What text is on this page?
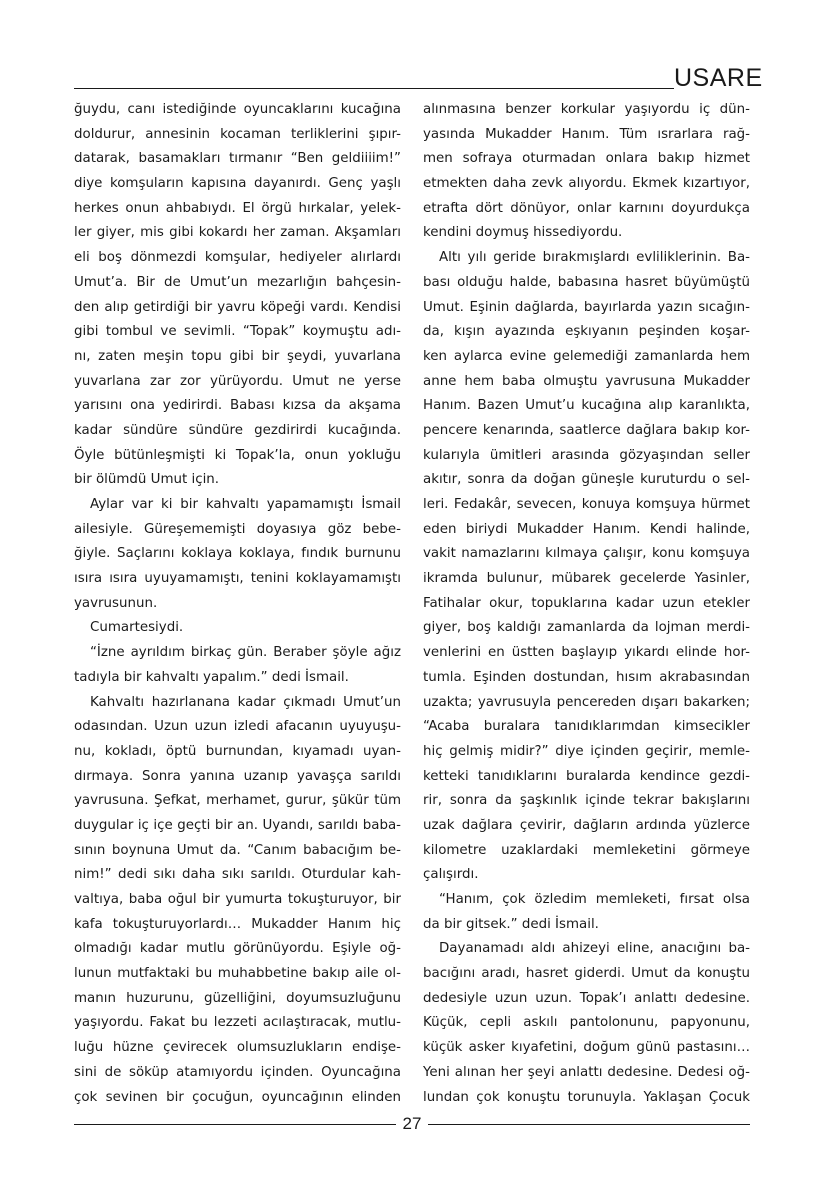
USARE
ğuydu, canı istediğinde oyuncaklarını kucağına
doldurur, annesinin kocaman terliklerini şıpır-
datarak, basamakları tırmanır “Ben geldiiiim!”
diye komşuların kapısına dayanırdı. Genç yaşlı
herkes onun ahbabıydı. El örgü hırkalar, yelek-
ler giyer, mis gibi kokardı her zaman. Akşamları
eli boş dönmezdi komşular, hediyeler alırlardı
Umut’a. Bir de Umut’un mezarlığın bahçesin-
den alıp getirdiği bir yavru köpeği vardı. Kendisi
gibi tombul ve sevimli. “Topak” koymuştu adı-
nı, zaten meşin topu gibi bir şeydi, yuvarlana
yuvarlana zar zor yürüyordu. Umut ne yerse
yarısını ona yedirirdi. Babası kızsa da akşama
kadar sündüre sündüre gezdirirdi kucağında.
Öyle bütünleşmişti ki Topak’la, onun yokluğu
bir ölümdü Umut için.
Aylar var ki bir kahvaltı yapamamıştı İsmail
ailesiyle. Güreşememişti doyasıya göz bebe-
ğiyle. Saçlarını koklaya koklaya, fındık burnunu
ısıra ısıra uyuyamamıştı, tenini koklayamamıştı
yavrusunun.
Cumartesiydi.
“İzne ayrıldım birkaç gün. Beraber şöyle ağız
tadıyla bir kahvaltı yapalım.” dedi İsmail.
Kahvaltı hazırlanana kadar çıkmadı Umut’un
odasından. Uzun uzun izledi afacanın uyuyuşu-
nu, kokladı, öptü burnundan, kıyamadı uyan-
dırmaya. Sonra yanına uzanıp yavaşça sarıldı
yavrusuna. Şefkat, merhamet, gurur, şükür tüm
duygular iç içe geçti bir an. Uyandı, sarıldı baba-
sının boynuna Umut da. “Canım babacığım be-
nim!” dedi sıkı daha sıkı sarıldı. Oturdular kah-
valtıya, baba oğul bir yumurta tokuşturuyor, bir
kafa tokuşturuyorlardı… Mukadder Hanım hiç
olmadığı kadar mutlu görünüyordu. Eşiyle oğ-
lunun mutfaktaki bu muhabbetine bakıp aile ol-
manın huzurunu, güzelliğini, doyumsuzluğunu
yaşıyordu. Fakat bu lezzeti acılaştıracak, mutlu-
luğu hüzne çevirecek olumsuzlukların endişe-
sini de söküp atamıyordu içinden. Oyuncağına
çok sevinen bir çocuğun, oyuncağının elinden
alınmasına benzer korkular yaşıyordu iç dün-
yasında Mukadder Hanım. Tüm ısrarlara rağ-
men sofraya oturmadan onlara bakıp hizmet
etmekten daha zevk alıyordu. Ekmek kızartıyor,
etrafta dört dönüyor, onlar karnını doyurdukça
kendini doymuş hissediyordu.
Altı yılı geride bırakmışlardı evliliklerinin. Ba-
bası olduğu halde, babasına hasret büyümüştü
Umut. Eşinin dağlarda, bayırlarda yazın sıcağın-
da, kışın ayazında eşkıyanın peşinden koşar-
ken aylarca evine gelemediği zamanlarda hem
anne hem baba olmuştu yavrusuna Mukadder
Hanım. Bazen Umut’u kucağına alıp karanlıkta,
pencere kenarında, saatlerce dağlara bakıp kor-
kularıyla ümitleri arasında gözyaşından seller
akıtır, sonra da doğan güneşle kuruturdu o sel-
leri. Fedakâr, sevecen, konuya komşuya hürmet
eden biriydi Mukadder Hanım. Kendi halinde,
vakit namazlarını kılmaya çalışır, konu komşuya
ikramda bulunur, mübarek gecelerde Yasinler,
Fatihalar okur, topuklarına kadar uzun etekler
giyer, boş kaldığı zamanlarda da lojman merdi-
venlerini en üstten başlayıp yıkardı elinde hor-
tumla. Eşinden dostundan, hısım akrabasından
uzakta; yavrusuyla pencereden dışarı bakarken;
“Acaba buralara tanıdıklarımdan kimsecikler
hiç gelmiş midir?” diye içinden geçirir, memle-
ketteki tanıdıklarını buralarda kendince gezdi-
rir, sonra da şaşkınlık içinde tekrar bakışlarını
uzak dağlara çevirir, dağların ardında yüzlerce
kilometre uzaklardaki memleketini görmeye
çalışırdı.
“Hanım, çok özledim memleketi, fırsat olsa
da bir gitsek.” dedi İsmail.
Dayanamadı aldı ahizeyi eline, anacığını ba-
bacığını aradı, hasret giderdi. Umut da konuştu
dedesiyle uzun uzun. Topak’ı anlattı dedesine.
Küçük, cepli askılı pantolonunu, papyonunu,
küçük asker kıyafetini, doğum günü pastasını…
Yeni alınan her şeyi anlattı dedesine. Dedesi oğ-
lundan çok konuştu torunuyla. Yaklaşan Çocuk
27
